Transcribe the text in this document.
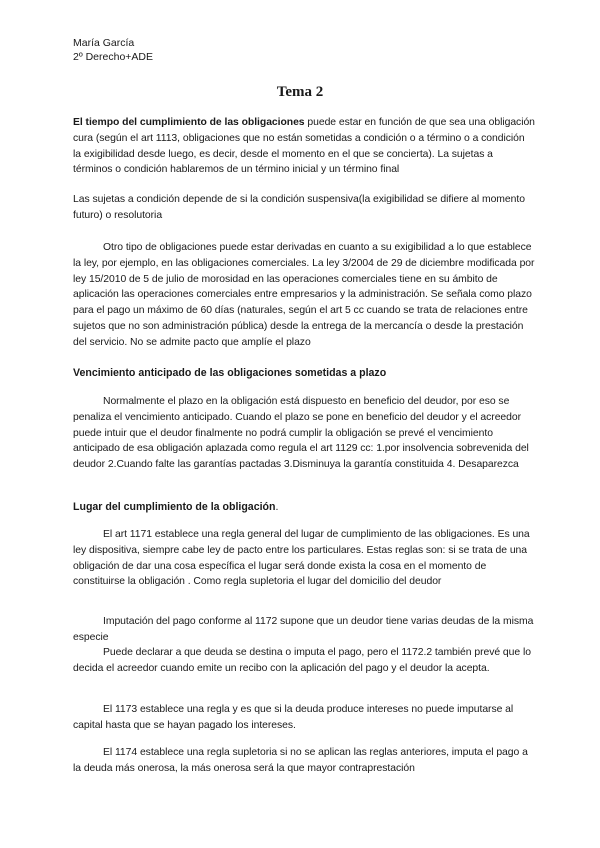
María García
2º Derecho+ADE
Tema 2
El tiempo del cumplimiento de las obligaciones puede estar en función de que sea una obligación cura (según el art 1113, obligaciones que no están sometidas a condición o a término o a condición la exigibilidad desde luego, es decir, desde el momento en el que se concierta). La sujetas a términos o condición hablaremos de un término inicial y un término final
Las sujetas a condición depende de si la condición suspensiva(la exigibilidad se difiere al momento futuro) o resolutoria
Otro tipo de obligaciones puede estar derivadas en cuanto a su exigibilidad a lo que establece la ley, por ejemplo, en las obligaciones comerciales. La ley 3/2004 de 29 de diciembre modificada por ley 15/2010 de 5 de julio de morosidad en las operaciones comerciales tiene en su ámbito de aplicación las operaciones comerciales entre empresarios y la administración. Se señala como plazo para el pago un máximo de 60 días (naturales, según el art 5 cc cuando se trata de relaciones entre sujetos que no son administración pública) desde la entrega de la mercancía o desde la prestación del servicio. No se admite pacto que amplíe el plazo
Vencimiento anticipado de las obligaciones sometidas a plazo
Normalmente el plazo en la obligación está dispuesto en beneficio del deudor, por eso se penaliza el vencimiento anticipado. Cuando el plazo se pone en beneficio del deudor y el acreedor puede intuir que el deudor finalmente no podrá cumplir la obligación se prevé el vencimiento anticipado de esa obligación aplazada como regula el art 1129 cc: 1.por insolvencia sobrevenida del deudor 2.Cuando falte las garantías pactadas 3.Disminuya la garantía constituida 4. Desaparezca
Lugar del cumplimiento de la obligación.
El art 1171 establece una regla general del lugar de cumplimiento de las obligaciones. Es una ley dispositiva, siempre cabe ley de pacto entre los particulares. Estas reglas son: si se trata de una obligación de dar una cosa específica el lugar será donde exista la cosa en el momento de constituirse la obligación . Como regla supletoria el lugar del domicilio del deudor
Imputación del pago conforme al 1172 supone que un deudor tiene varias deudas de la misma especie
Puede declarar a que deuda se destina o imputa el pago, pero el 1172.2 también prevé que lo decida el acreedor cuando emite un recibo con la aplicación del pago y el deudor la acepta.
El 1173 establece una regla y es que si la deuda produce intereses no puede imputarse al capital hasta que se hayan pagado los intereses.
El 1174 establece una regla supletoria si no se aplican las reglas anteriores, imputa el pago a la deuda más onerosa, la más onerosa será la que mayor contraprestación
